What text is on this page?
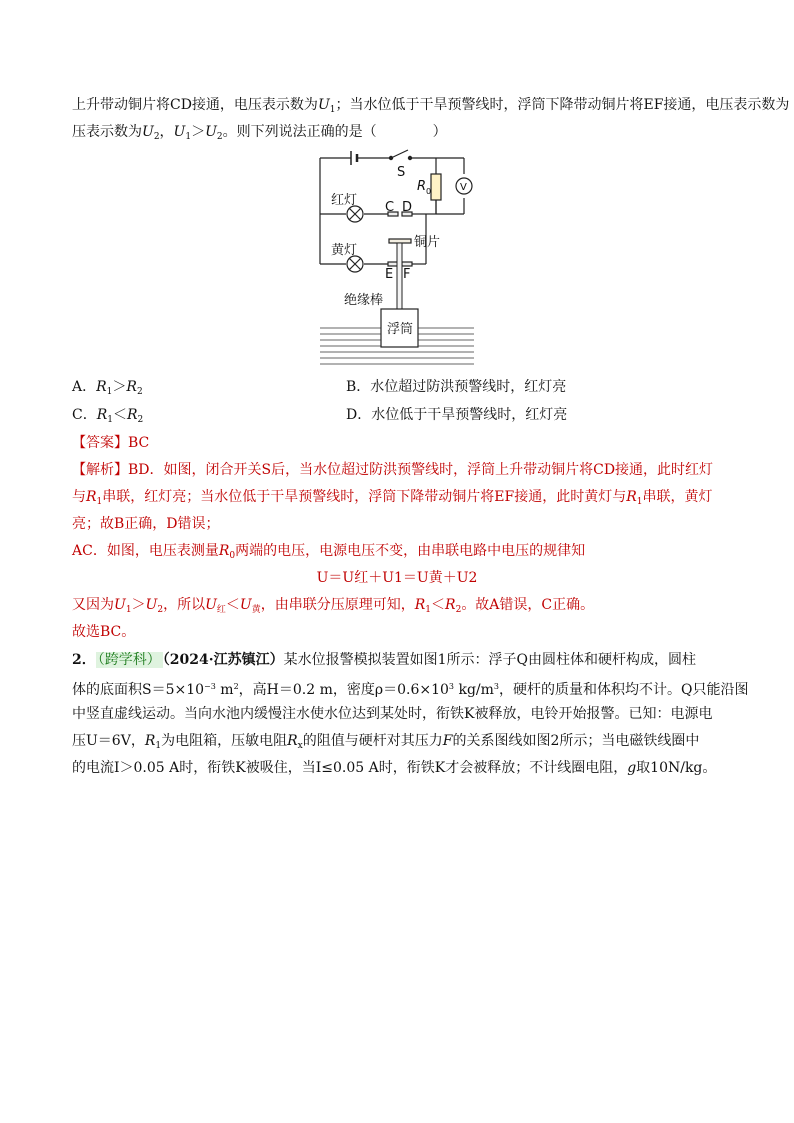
上升带动铜片将CD接通，电压表示数为$U_1$；当水位低于干旱预警线时，浮筒下降带动铜片将EF接通，电压表示数为
压表示数为$U_2$，$U_1>U_2$。则下列说法正确的是（　　　　）
S
R 0	V
红灯 C D
黄灯
铜片
E F
绝缘棒
浮筒
A．$R_1>R_2$	B．水位超过防洪预警线时，红灯亮
C．$R_1<R_2$	D．水位低于干旱预警线时，红灯亮
【答案】BC
【解析】BD．如图，闭合开关S后，当水位超过防洪预警线时，浮筒上升带动铜片将CD接通，此时红灯
与$R_1$串联，红灯亮；当水位低于干旱预警线时，浮筒下降带动铜片将EF接通，此时黄灯与$R_1$串联，黄灯
亮；故B正确，D错误；
AC．如图，电压表测量$R_0$两端的电压，电源电压不变，由串联电路中电压的规律知
U＝U红＋U1＝U黄＋U2
又因为$U_1>U_2$，所以$U_红<U_黄$，由串联分压原理可知，$R_1<R_2$。故A错误，C正确。
故选BC。
2． （跨学科） （2024·江苏镇江）某水位报警模拟装置如图1所示：浮子Q由圆柱体和硬杆构成，圆柱
体的底面积$S=5\times 10^{-3}$ $m^2$，高H＝0.2 m，密度$\rho=0.6\times 10^3$ $kg/m^3$，硬杆的质量和体积均不计。Q只能沿图
中竖直虚线运动。当向水池内缓慢注水使水位达到某处时，衔铁K被释放，电铃开始报警。已知：电源电
压U＝6V，$R_1$为电阻箱，压敏电阻$R_x$的阻值与硬杆对其压力F的关系图线如图2所示；当电磁铁线圈中
的电流I＞0.05 A时，衔铁K被吸住，当I≤0.05 A时，衔铁K才会被释放；不计线圈电阻，g取10N/kg。
